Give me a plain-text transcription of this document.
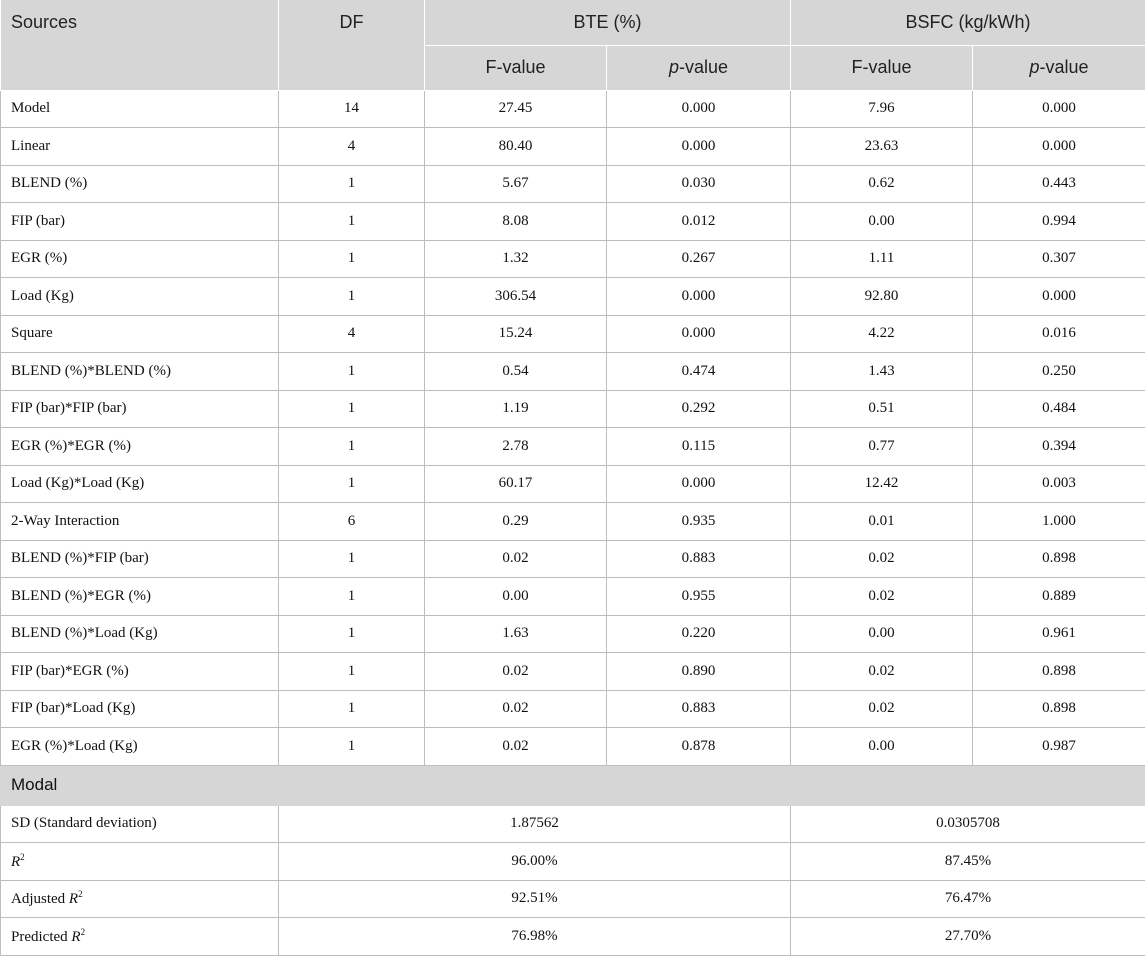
Sources	DF	BTE (%)		BSFC (kg/kWh)	
		F-value	p-value	F-value	p-value
Model	14	27.45	0.000	7.96	0.000
Linear	4	80.40	0.000	23.63	0.000
BLEND (%)	1	5.67	0.030	0.62	0.443
FIP (bar)	1	8.08	0.012	0.00	0.994
EGR (%)	1	1.32	0.267	1.11	0.307
Load (Kg)	1	306.54	0.000	92.80	0.000
Square	4	15.24	0.000	4.22	0.016
BLEND (%)*BLEND (%)	1	0.54	0.474	1.43	0.250
FIP (bar)*FIP (bar)	1	1.19	0.292	0.51	0.484
EGR (%)*EGR (%)	1	2.78	0.115	0.77	0.394
Load (Kg)*Load (Kg)	1	60.17	0.000	12.42	0.003
2-Way Interaction	6	0.29	0.935	0.01	1.000
BLEND (%)*FIP (bar)	1	0.02	0.883	0.02	0.898
BLEND (%)*EGR (%)	1	0.00	0.955	0.02	0.889
BLEND (%)*Load (Kg)	1	1.63	0.220	0.00	0.961
FIP (bar)*EGR (%)	1	0.02	0.890	0.02	0.898
FIP (bar)*Load (Kg)	1	0.02	0.883	0.02	0.898
EGR (%)*Load (Kg)	1	0.02	0.878	0.00	0.987
Modal					
SD (Standard deviation)	1.87562			0.0305708	
$R^2$	96.00%			87.45%	
Adjusted $R^2$	92.51%			76.47%	
Predicted $R^2$	76.98%			27.70%	
